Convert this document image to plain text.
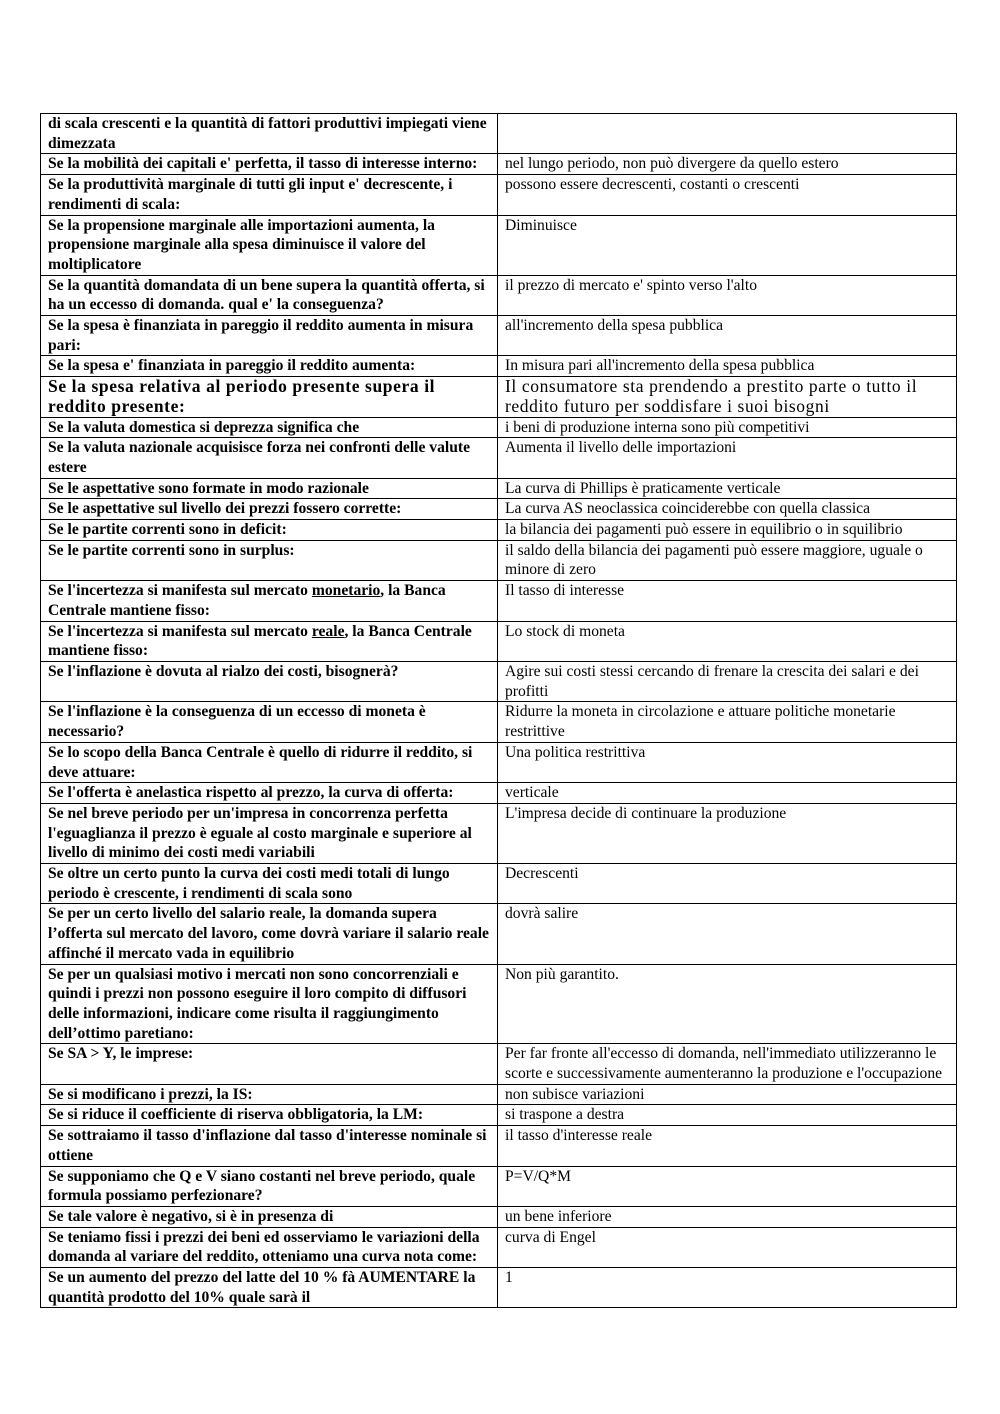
di scala crescenti e la quantità di fattori produttivi impiegati viene dimezzata	
Se la mobilità dei capitali e' perfetta, il tasso di interesse interno:	nel lungo periodo, non può divergere da quello estero
Se la produttività marginale di tutti gli input e' decrescente, i rendimenti di scala:	possono essere decrescenti, costanti o crescenti
Se la propensione marginale alle importazioni aumenta, la propensione marginale alla spesa diminuisce il valore del moltiplicatore	Diminuisce
Se la quantità domandata di un bene supera la quantità offerta, si ha un eccesso di domanda. qual e' la conseguenza?	il prezzo di mercato e' spinto verso l'alto
Se la spesa è finanziata in pareggio il reddito aumenta in misura pari:	all'incremento della spesa pubblica
Se la spesa e' finanziata in pareggio il reddito aumenta:	In misura pari all'incremento della spesa pubblica
Se la spesa relativa al periodo presente supera il reddito presente:	Il consumatore sta prendendo a prestito parte o tutto il reddito futuro per soddisfare i suoi bisogni
Se la valuta domestica si deprezza significa che	i beni di produzione interna sono più competitivi
Se la valuta nazionale acquisisce forza nei confronti delle valute estere	Aumenta il livello delle importazioni
Se le aspettative sono formate in modo razionale	La curva di Phillips è praticamente verticale
Se le aspettative sul livello dei prezzi fossero corrette:	La curva AS neoclassica coinciderebbe con quella classica
Se le partite correnti sono in deficit:	la bilancia dei pagamenti può essere in equilibrio o in squilibrio
Se le partite correnti sono in surplus:	il saldo della bilancia dei pagamenti può essere maggiore, uguale o minore di zero
Se l'incertezza si manifesta sul mercato monetario, la Banca Centrale mantiene fisso:	Il tasso di interesse
Se l'incertezza si manifesta sul mercato reale, la Banca Centrale mantiene fisso:	Lo stock di moneta
Se l'inflazione è dovuta al rialzo dei costi, bisognerà?	Agire sui costi stessi cercando di frenare la crescita dei salari e dei profitti
Se l'inflazione è la conseguenza di un eccesso di moneta è necessario?	Ridurre la moneta in circolazione e attuare politiche monetarie restrittive
Se lo scopo della Banca Centrale è quello di ridurre il reddito, si deve attuare:	Una politica restrittiva
Se l'offerta è anelastica rispetto al prezzo, la curva di offerta:	verticale
Se nel breve periodo per un'impresa in concorrenza perfetta l'eguaglianza il prezzo è eguale al costo marginale e superiore al livello di minimo dei costi medi variabili	L'impresa decide di continuare la produzione
Se oltre un certo punto la curva dei costi medi totali di lungo periodo è crescente, i rendimenti di scala sono	Decrescenti
Se per un certo livello del salario reale, la domanda supera l’offerta sul mercato del lavoro, come dovrà variare il salario reale affinché il mercato vada in equilibrio	dovrà salire
Se per un qualsiasi motivo i mercati non sono concorrenziali e quindi i prezzi non possono eseguire il loro compito di diffusori delle informazioni, indicare come risulta il raggiungimento dell’ottimo paretiano:	Non più garantito.
Se SA > Y, le imprese:	Per far fronte all'eccesso di domanda, nell'immediato utilizzeranno le scorte e successivamente aumenteranno la produzione e l'occupazione
Se si modificano i prezzi, la IS:	non subisce variazioni
Se si riduce il coefficiente di riserva obbligatoria, la LM:	si traspone a destra
Se sottraiamo il tasso d'inflazione dal tasso d'interesse nominale si ottiene	il tasso d'interesse reale
Se supponiamo che Q e V siano costanti nel breve periodo, quale formula possiamo perfezionare?	P=V/Q*M
Se tale valore è negativo, si è in presenza di	un bene inferiore
Se teniamo fissi i prezzi dei beni ed osserviamo le variazioni della domanda al variare del reddito, otteniamo una curva nota come:	curva di Engel
Se un aumento del prezzo del latte del 10 % fà AUMENTARE la quantità prodotto del 10% quale sarà il	1
